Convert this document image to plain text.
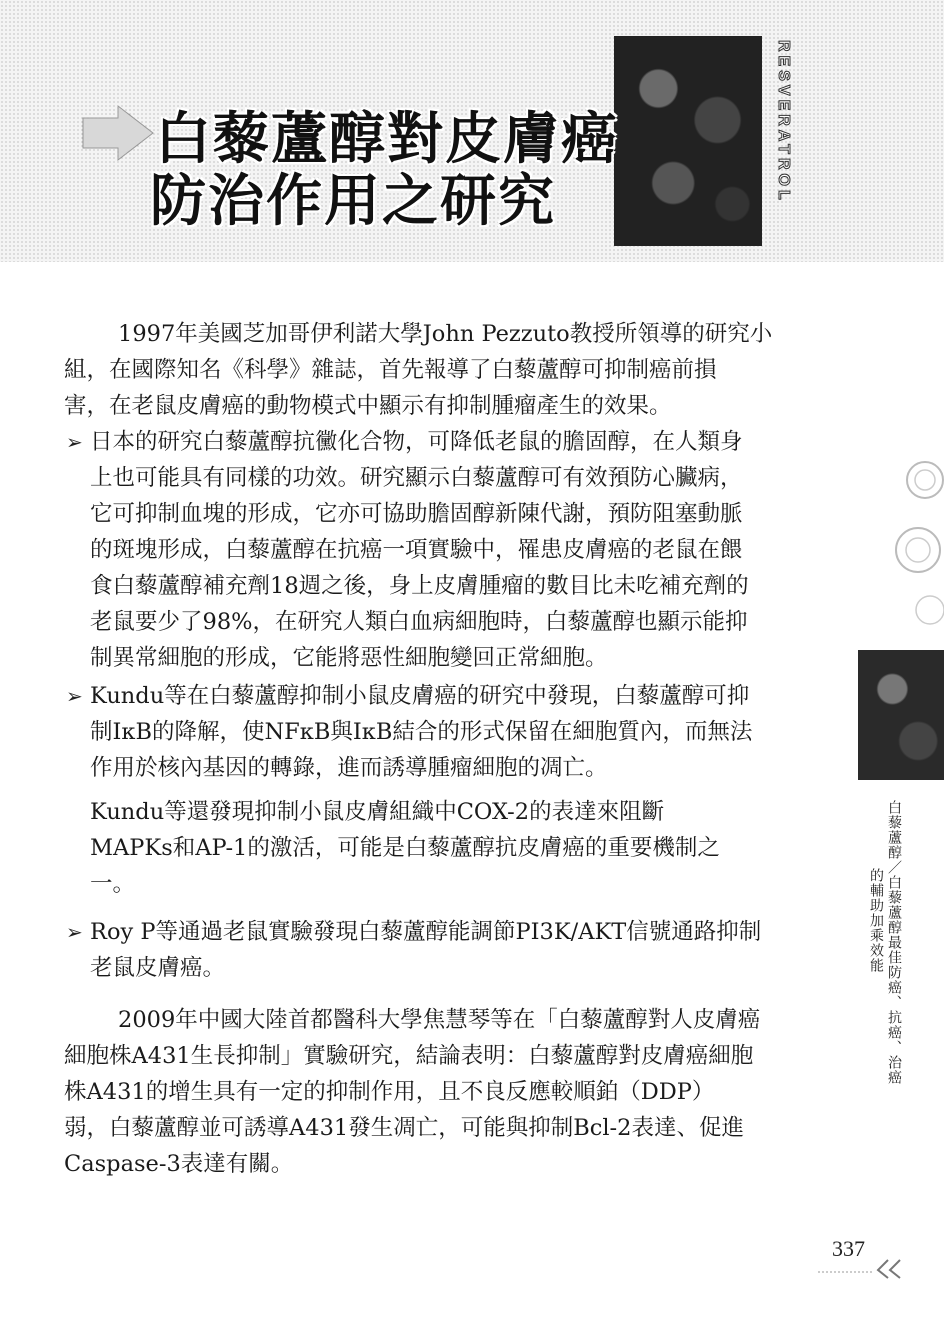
RESVERATROL
白藜蘆醇對皮膚癌
防治作用之研究
1997年美國芝加哥伊利諾大學John Pezzuto教授所領導的研究小
組，在國際知名《科學》雜誌，首先報導了白藜蘆醇可抑制癌前損
害，在老鼠皮膚癌的動物模式中顯示有抑制腫瘤產生的效果。
➢ 日本的研究白藜蘆醇抗黴化合物，可降低老鼠的膽固醇，在人類身
上也可能具有同樣的功效。研究顯示白藜蘆醇可有效預防心臟病，
它可抑制血塊的形成，它亦可協助膽固醇新陳代謝，預防阻塞動脈
的斑塊形成，白藜蘆醇在抗癌一項實驗中，罹患皮膚癌的老鼠在餵
食白藜蘆醇補充劑18週之後，身上皮膚腫瘤的數目比未吃補充劑的
老鼠要少了98%，在研究人類白血病細胞時，白藜蘆醇也顯示能抑
制異常細胞的形成，它能將惡性細胞變回正常細胞。
➢ Kundu等在白藜蘆醇抑制小鼠皮膚癌的研究中發現，白藜蘆醇可抑
制IκB的降解，使NFκB與IκB結合的形式保留在細胞質內，而無法
作用於核內基因的轉錄，進而誘導腫瘤細胞的凋亡。
Kundu等還發現抑制小鼠皮膚組織中COX-2的表達來阻斷
MAPKs和AP-1的激活，可能是白藜蘆醇抗皮膚癌的重要機制之
一。
➢ Roy P等通過老鼠實驗發現白藜蘆醇能調節PI3K/AKT信號通路抑制
老鼠皮膚癌。
2009年中國大陸首都醫科大學焦慧琴等在「白藜蘆醇對人皮膚癌
細胞株A431生長抑制」實驗研究，結論表明：白藜蘆醇對皮膚癌細胞
株A431的增生具有一定的抑制作用，且不良反應較順鉑（DDP）
弱，白藜蘆醇並可誘導A431發生凋亡，可能與抑制Bcl-2表達、促進
Caspase-3表達有關。
白藜蘆醇／白藜蘆醇最佳防癌、抗癌、治癌
的輔助加乘效能
337
